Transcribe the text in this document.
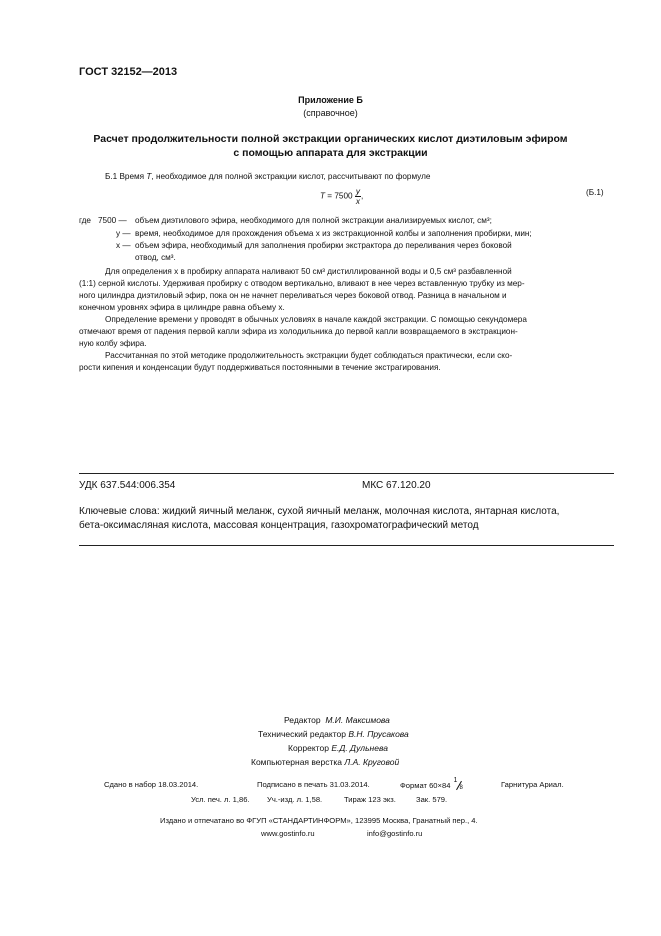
ГОСТ 32152—2013
Приложение Б
(справочное)
Расчет продолжительности полной экстракции органических кислот диэтиловым эфиром
с помощью аппарата для экстракции
Б.1 Время T, необходимое для полной экстракции кислот, рассчитывают по формуле
$T = 7500 \frac{y}{x}$ ,	(Б.1)
где 7500 — объем диэтилового эфира, необходимого для полной экстракции анализируемых кислот, см³;
y — время, необходимое для прохождения объема x из экстракционной колбы и заполнения пробирки, мин;
x — объем эфира, необходимый для заполнения пробирки экстрактора до переливания через боковой
отвод, см³.
Для определения x в пробирку аппарата наливают 50 см³ дистиллированной воды и 0,5 см³ разбавленной
(1:1) серной кислоты. Удерживая пробирку с отводом вертикально, вливают в нее через вставленную трубку из мер-
ного цилиндра диэтиловый эфир, пока он не начнет переливаться через боковой отвод. Разница в начальном и
конечном уровнях эфира в цилиндре равна объему x.
Определение времени y проводят в обычных условиях в начале каждой экстракции. С помощью секундомера
отмечают время от падения первой капли эфира из холодильника до первой капли возвращаемого в экстракцион-
ную колбу эфира.
Рассчитанная по этой методике продолжительность экстракции будет соблюдаться практически, если ско-
рости кипения и конденсации будут поддерживаться постоянными в течение экстрагирования.
УДК 637.544:006.354	МКС 67.120.20
Ключевые слова: жидкий яичный меланж, сухой яичный меланж, молочная кислота, янтарная кислота,
бета-оксимасляная кислота, массовая концентрация, газохроматографический метод
Редактор М.И. Максимова
Технический редактор В.Н. Прусакова
Корректор Е.Д. Дульнева
Компьютерная верстка Л.А. Круговой
Сдано в набор 18.03.2014.	Подписано в печать 31.03.2014.	Формат 60×84
1
8	Гарнитура Ариал.
Усл. печ. л. 1,86. Уч.-изд. л. 1,58.	Тираж 123 экз.	Зак. 579.
Издано и отпечатано во ФГУП «СТАНДАРТИНФОРМ», 123995 Москва, Гранатный пер., 4.
www.gostinfo.ru	info@gostinfo.ru
